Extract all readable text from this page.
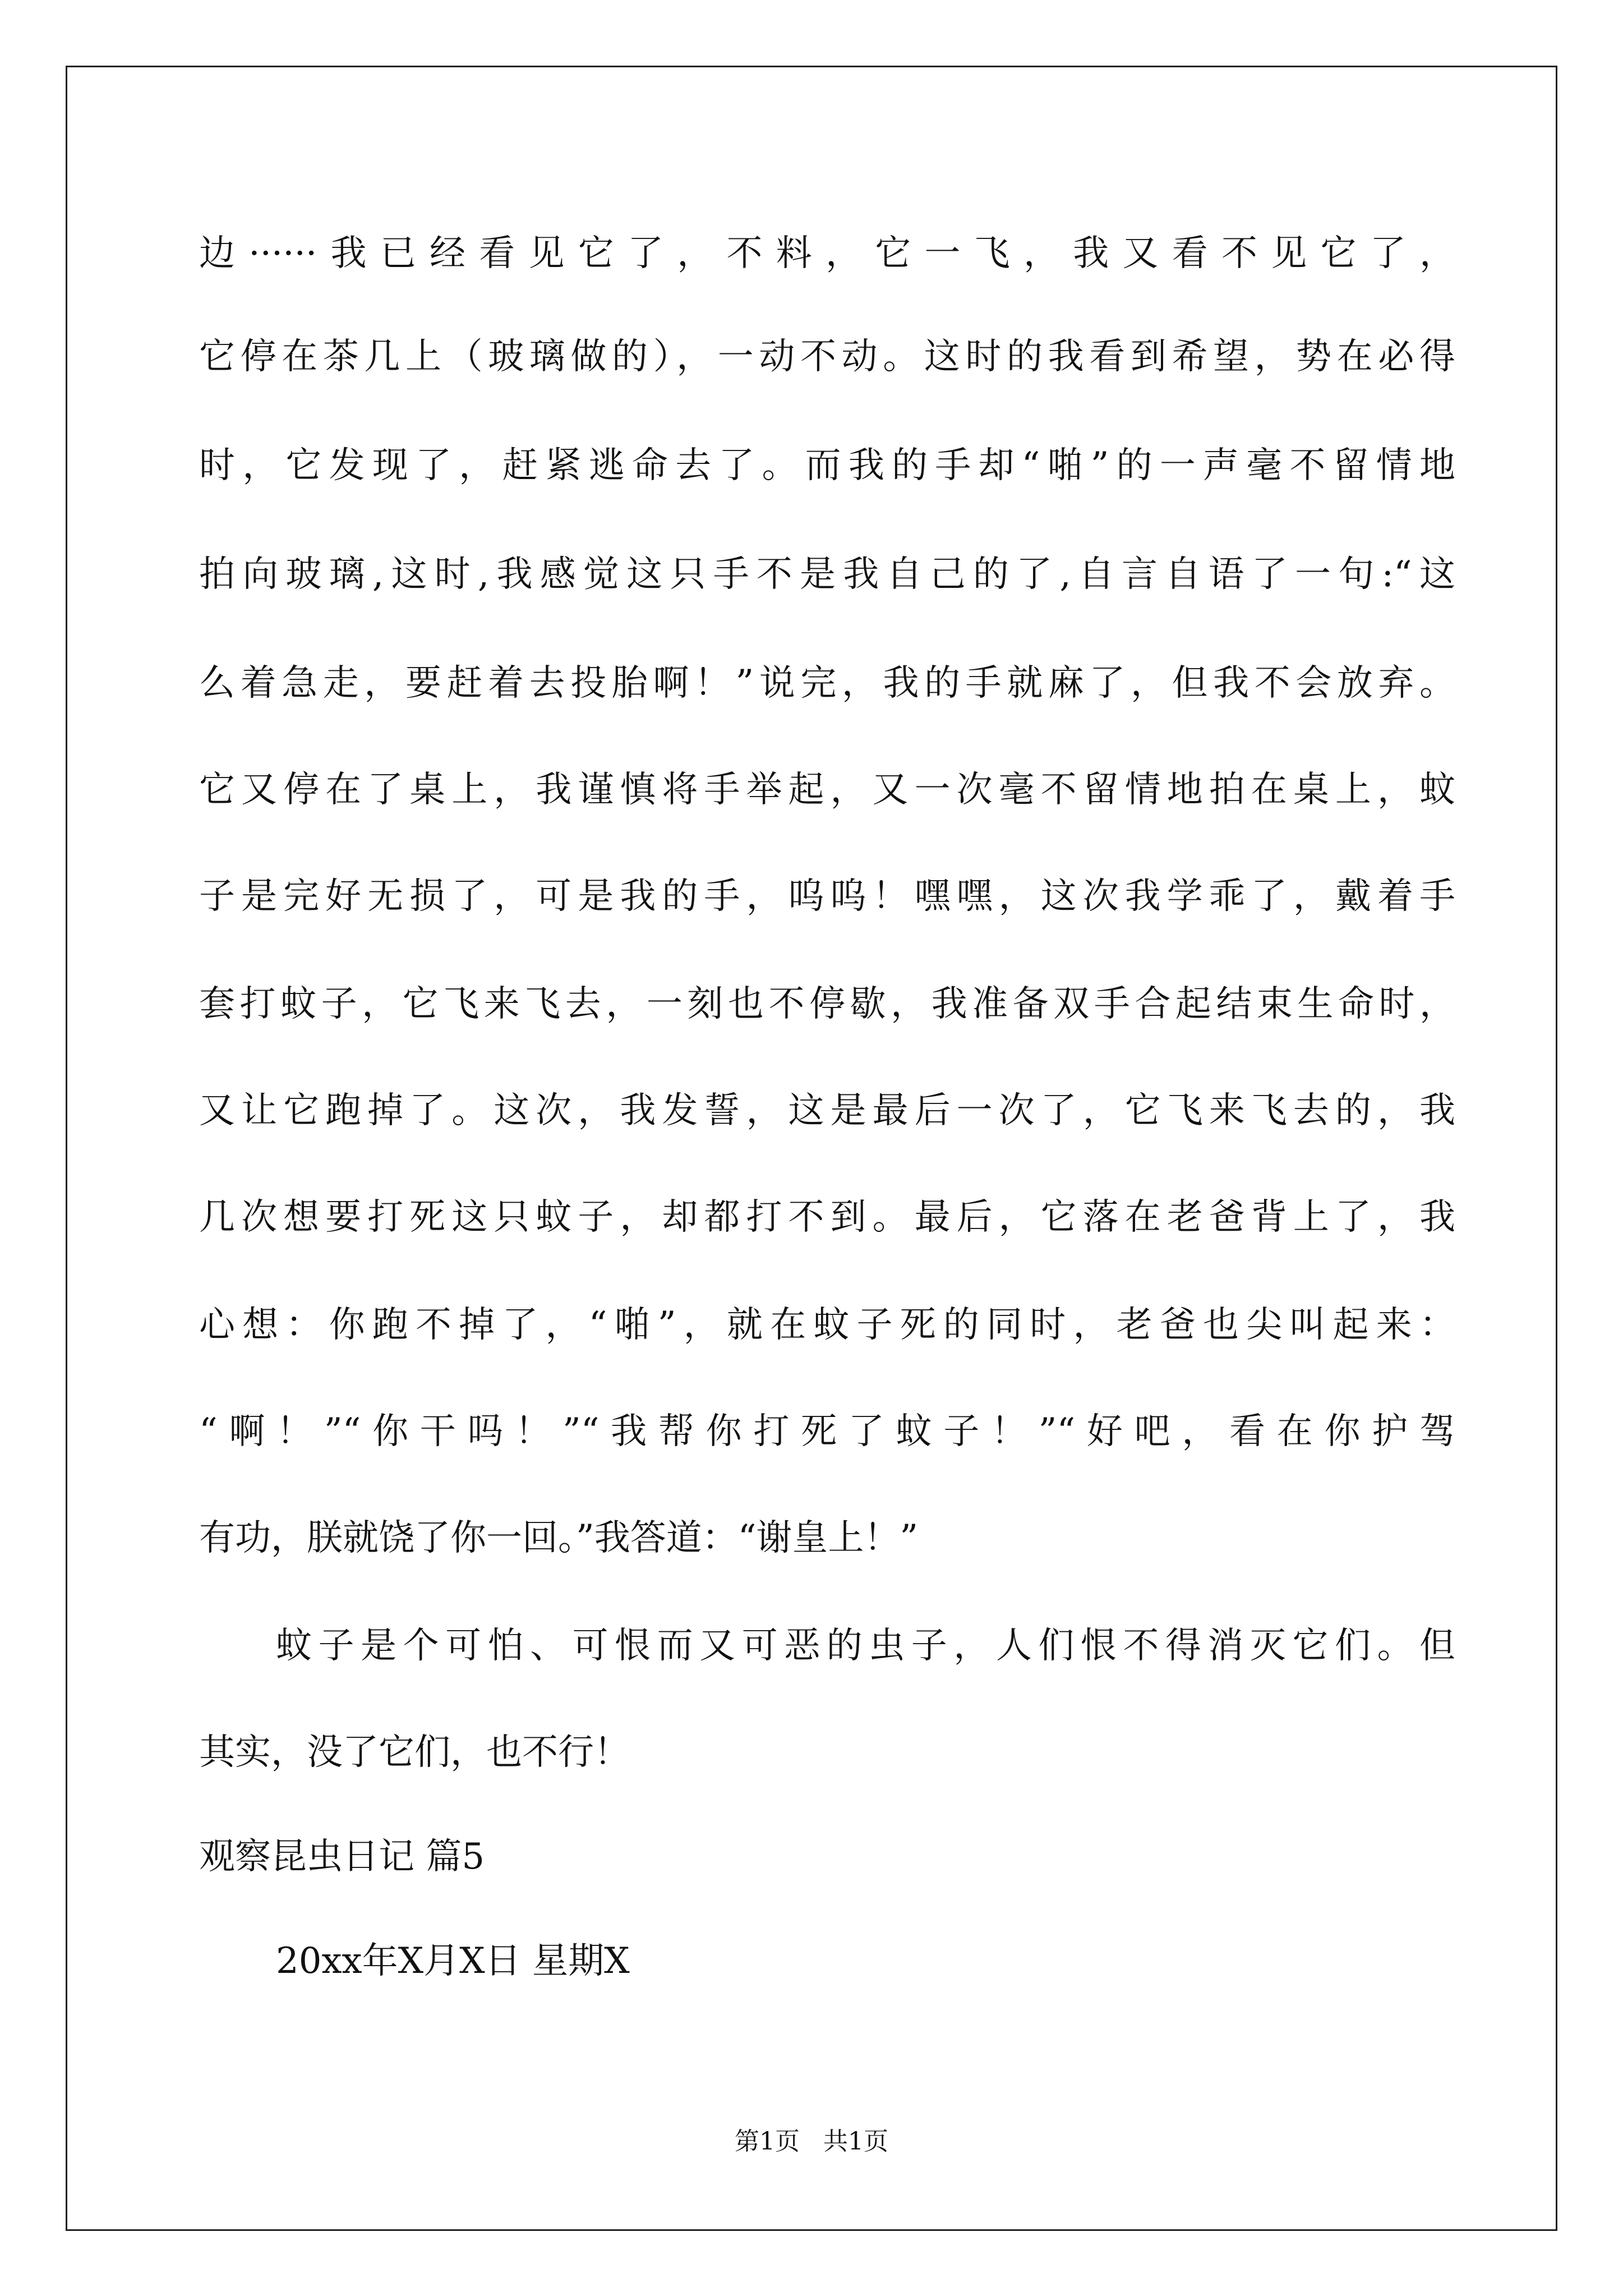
边······我已经看见它了，不料，它一飞，我又看不见它了，
它停在茶几上（玻璃做的），一动不动。这时的我看到希望，势在必得
时，它发现了，赶紧逃命去了。而我的手却“啪”的一声毫不留情地
拍向玻璃,这时,我感觉这只手不是我自己的了,自言自语了一句:“这
么着急走，要赶着去投胎啊！”说完，我的手就麻了，但我不会放弃。
它又停在了桌上，我谨慎将手举起，又一次毫不留情地拍在桌上，蚊
子是完好无损了，可是我的手，呜呜！嘿嘿，这次我学乖了，戴着手
套打蚊子，它飞来飞去，一刻也不停歇，我准备双手合起结束生命时，
又让它跑掉了。这次，我发誓，这是最后一次了，它飞来飞去的，我
几次想要打死这只蚊子，却都打不到。最后，它落在老爸背上了，我
心想：你跑不掉了，“啪”，就在蚊子死的同时，老爸也尖叫起来：
“啊！”“你干吗！”“我帮你打死了蚊子！”“好吧，看在你护驾
有功，朕就饶了你一回。”我答道：“谢皇上！”
蚊子是个可怕、可恨而又可恶的虫子，人们恨不得消灭它们。但
其实，没了它们，也不行！
观察昆虫日记 篇5
20xx年X月X日 星期X
第1页   共1页
